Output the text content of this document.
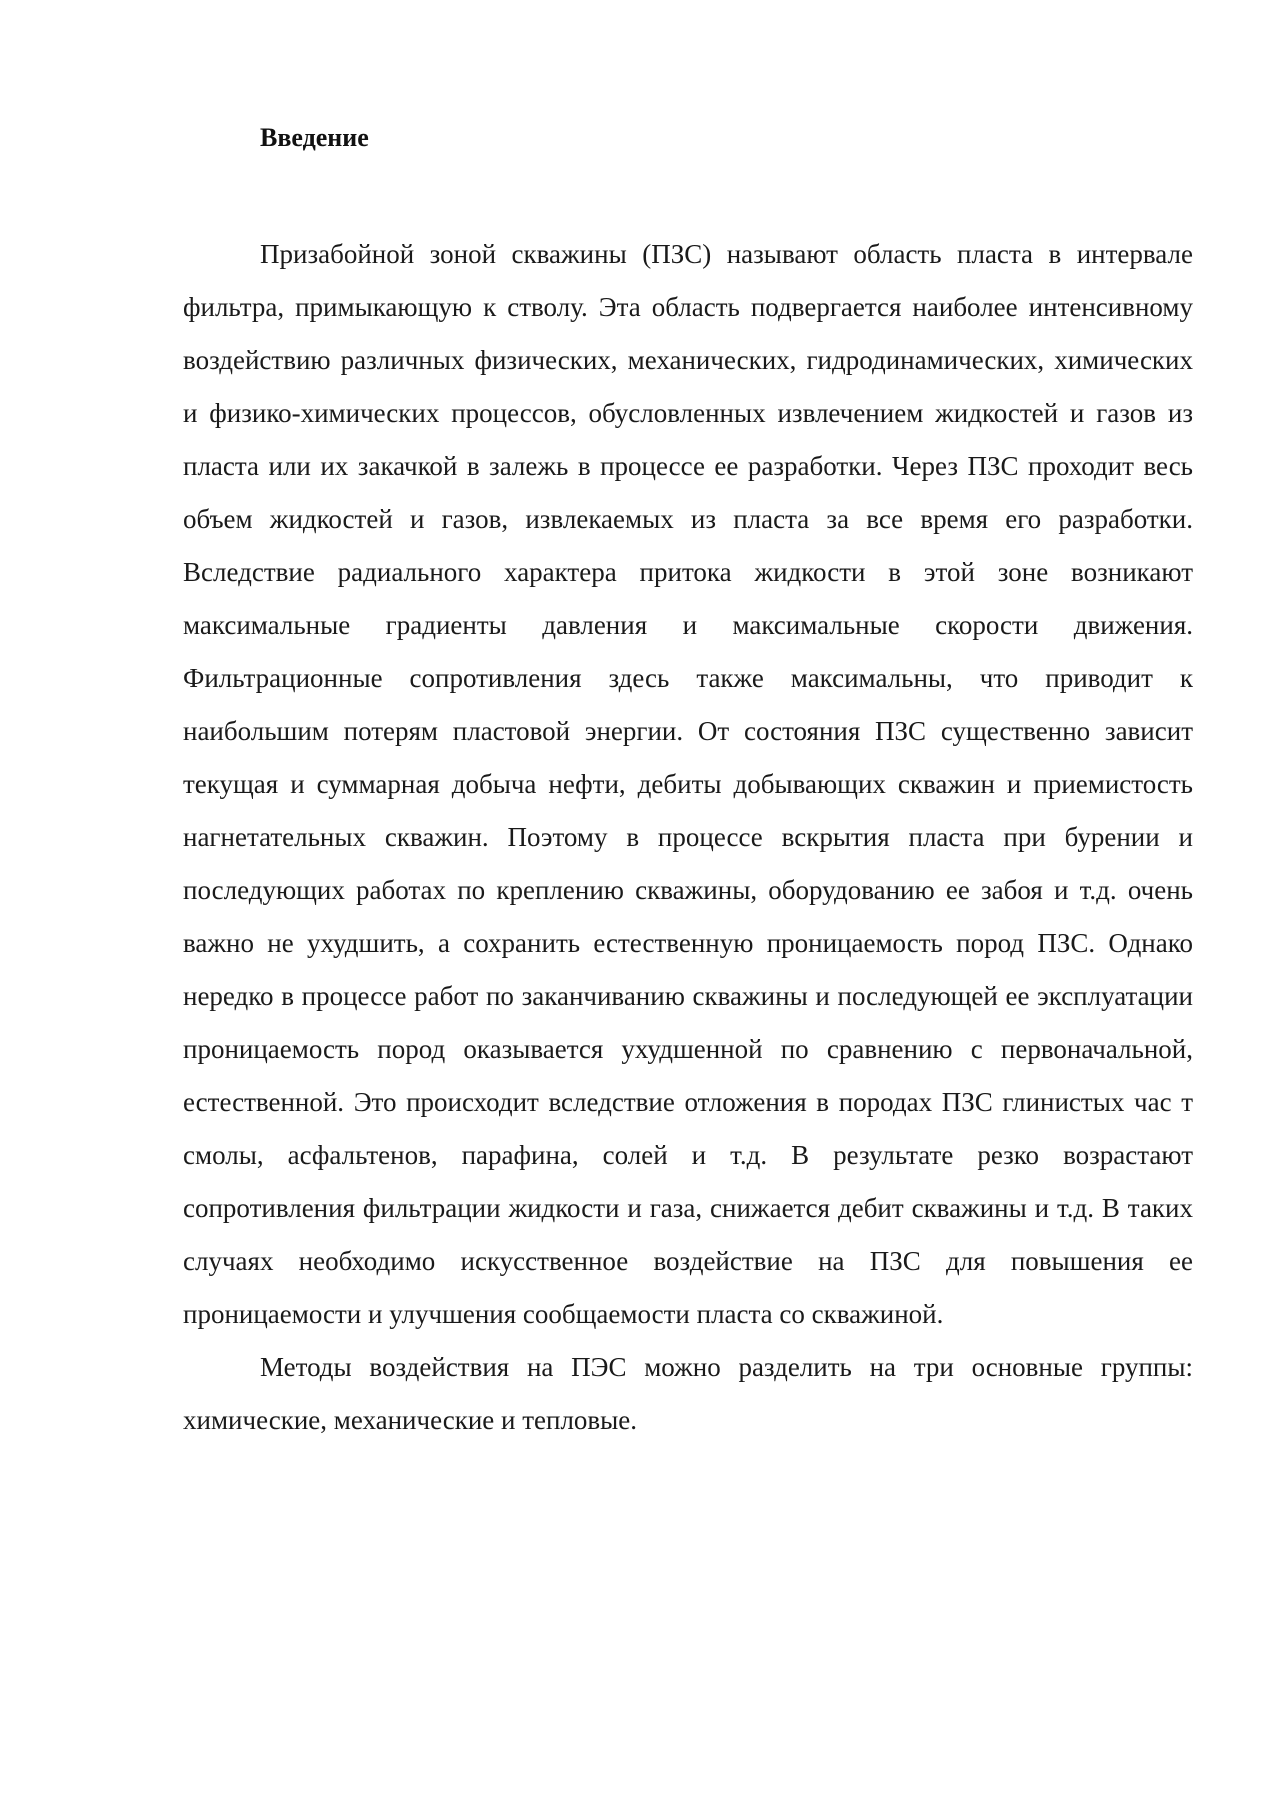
Введение

Призабойной зоной скважины (ПЗС) называют область пласта в интервале фильтра, примыкающую к стволу. Эта область подвергается наиболее интенсивному воздействию различных физических, механических, гидродинамических, химических и физико-химических процессов, обусловленных извлечением жидкостей и газов из пласта или их закачкой в залежь в процессе ее разработки. Через ПЗС проходит весь объем жидкостей и газов, извлекаемых из пласта за все время его разработки. Вследствие радиального характера притока жидкости в этой зоне возникают максимальные градиенты давления и максимальные скорости движения. Фильтрационные сопротивления здесь также максимальны, что приводит к наибольшим потерям пластовой энергии. От состояния ПЗС существенно зависит текущая и суммарная добыча нефти, дебиты добывающих скважин и приемистость нагнетательных скважин. Поэтому в процессе вскрытия пласта при бурении и последующих работах по креплению скважины, оборудованию ее забоя и т.д. очень важно не ухудшить, а сохранить естественную проницаемость пород ПЗС. Однако нередко в процессе работ по заканчиванию скважины и последующей ее эксплуатации проницаемость пород оказывается ухудшенной по сравнению с первоначальной, естественной. Это происходит вследствие отложения в породах ПЗС глинистых час т смолы, асфальтенов, парафина, солей и т.д. В результате резко возрастают сопротивления фильтрации жидкости и газа, снижается дебит скважины и т.д. В таких случаях необходимо искусственное воздействие на ПЗС для повышения ее проницаемости и улучшения сообщаемости пласта со скважиной.

Методы воздействия на ПЭС можно разделить на три основные группы: химические, механические и тепловые.
